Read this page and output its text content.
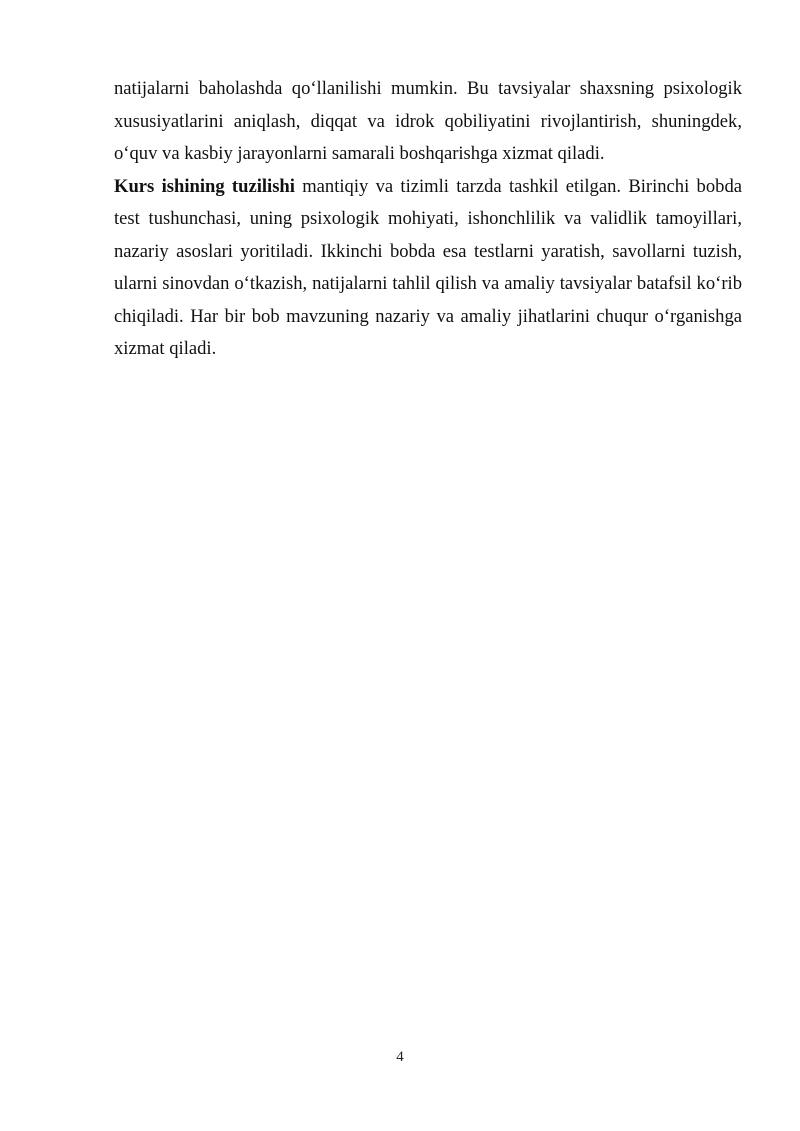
natijalarni baholashda qo‘llanilishi mumkin. Bu tavsiyalar shaxsning psixologik
xususiyatlarini aniqlash, diqqat va idrok qobiliyatini rivojlantirish, shuningdek,
o‘quv va kasbiy jarayonlarni samarali boshqarishga xizmat qiladi.
Kurs ishining tuzilishi mantiqiy va tizimli tarzda tashkil etilgan. Birinchi bobda
test tushunchasi, uning psixologik mohiyati, ishonchlilik va validlik tamoyillari,
nazariy asoslari yoritiladi. Ikkinchi bobda esa testlarni yaratish, savollarni tuzish,
ularni sinovdan o‘tkazish, natijalarni tahlil qilish va amaliy tavsiyalar batafsil ko‘rib
chiqiladi. Har bir bob mavzuning nazariy va amaliy jihatlarini chuqur o‘rganishga
xizmat qiladi.
4
